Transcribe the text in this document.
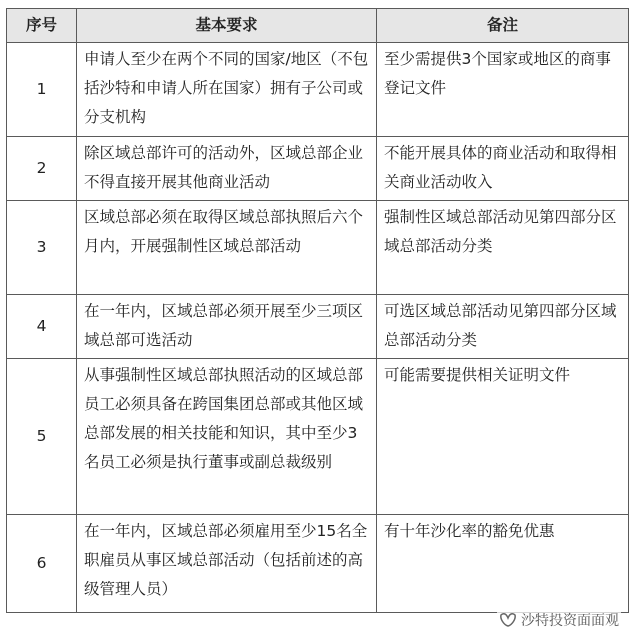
序号	基本要求	备注
1	申请人至少在两个不同的国家/地区（不包括沙特和申请人所在国家）拥有子公司或分支机构	至少需提供3个国家或地区的商事登记文件
2	除区域总部许可的活动外，区域总部企业不得直接开展其他商业活动	不能开展具体的商业活动和取得相关商业活动收入
3	区域总部必须在取得区域总部执照后六个月内，开展强制性区域总部活动	强制性区域总部活动见第四部分区域总部活动分类
4	在一年内，区域总部必须开展至少三项区域总部可选活动	可选区域总部活动见第四部分区域总部活动分类
5	从事强制性区域总部执照活动的区域总部员工必须具备在跨国集团总部或其他区域总部发展的相关技能和知识，其中至少3名员工必须是执行董事或副总裁级别	可能需要提供相关证明文件
6	在一年内，区域总部必须雇用至少15名全职雇员从事区域总部活动（包括前述的高级管理人员）	有十年沙化率的豁免优惠
沙特投资面面观
